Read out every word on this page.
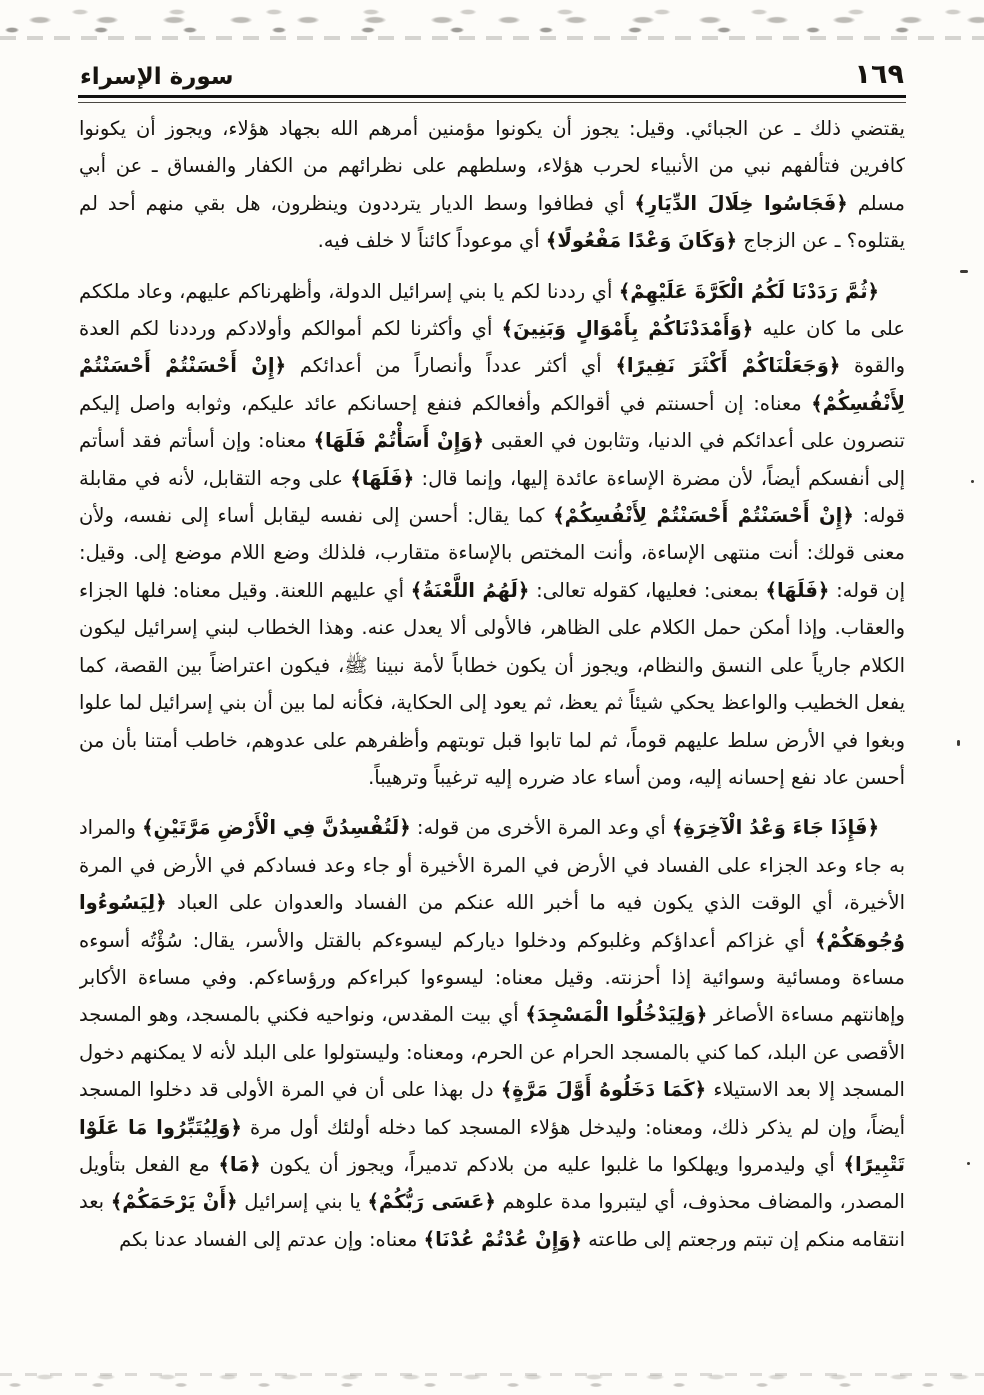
١٦٩
سورة الإسراء

يقتضي ذلك ـ عن الجبائي. وقيل: يجوز أن يكونوا مؤمنين أمرهم الله بجهاد هؤلاء، ويجوز أن يكونوا كافرين فتألفهم نبي من الأنبياء لحرب هؤلاء، وسلطهم على نظرائهم من الكفار والفساق ـ عن أبي مسلم ﴿فَجَاسُوا خِلَالَ الدِّيَارِ﴾ أي فطافوا وسط الديار يترددون وينظرون، هل بقي منهم أحد لم يقتلوه؟ ـ عن الزجاج ﴿وَكَانَ وَعْدًا مَفْعُولًا﴾ أي موعوداً كائناً لا خلف فيه.

﴿ثُمَّ رَدَدْنَا لَكُمُ الْكَرَّةَ عَلَيْهِمْ﴾ أي رددنا لكم يا بني إسرائيل الدولة، وأظهرناكم عليهم، وعاد ملككم على ما كان عليه ﴿وَأَمْدَدْنَاكُمْ بِأَمْوَالٍ وَبَنِينَ﴾ أي وأكثرنا لكم أموالكم وأولادكم ورددنا لكم العدة والقوة ﴿وَجَعَلْنَاكُمْ أَكْثَرَ نَفِيرًا﴾ أي أكثر عدداً وأنصاراً من أعدائكم ﴿إِنْ أَحْسَنْتُمْ أَحْسَنْتُمْ لِأَنْفُسِكُمْ﴾ معناه: إن أحسنتم في أقوالكم وأفعالكم فنفع إحسانكم عائد عليكم، وثوابه واصل إليكم تنصرون على أعدائكم في الدنيا، وتثابون في العقبى ﴿وَإِنْ أَسَأْتُمْ فَلَهَا﴾ معناه: وإن أسأتم فقد أسأتم إلى أنفسكم أيضاً، لأن مضرة الإساءة عائدة إليها، وإنما قال: ﴿فَلَهَا﴾ على وجه التقابل، لأنه في مقابلة قوله: ﴿إِنْ أَحْسَنْتُمْ أَحْسَنْتُمْ لِأَنْفُسِكُمْ﴾ كما يقال: أحسن إلى نفسه ليقابل أساء إلى نفسه، ولأن معنى قولك: أنت منتهى الإساءة، وأنت المختص بالإساءة متقارب، فلذلك وضع اللام موضع إلى. وقيل: إن قوله: ﴿فَلَهَا﴾ بمعنى: فعليها، كقوله تعالى: ﴿لَهُمُ اللَّعْنَةُ﴾ أي عليهم اللعنة. وقيل معناه: فلها الجزاء والعقاب. وإذا أمكن حمل الكلام على الظاهر، فالأولى ألا يعدل عنه. وهذا الخطاب لبني إسرائيل ليكون الكلام جارياً على النسق والنظام، ويجوز أن يكون خطاباً لأمة نبينا ﷺ، فيكون اعتراضاً بين القصة، كما يفعل الخطيب والواعظ يحكي شيئاً ثم يعظ، ثم يعود إلى الحكاية، فكأنه لما بين أن بني إسرائيل لما علوا وبغوا في الأرض سلط عليهم قوماً، ثم لما تابوا قبل توبتهم وأظفرهم على عدوهم، خاطب أمتنا بأن من أحسن عاد نفع إحسانه إليه، ومن أساء عاد ضرره إليه ترغيباً وترهيباً.

﴿فَإِذَا جَاءَ وَعْدُ الْآخِرَةِ﴾ أي وعد المرة الأخرى من قوله: ﴿لَتُفْسِدُنَّ فِي الْأَرْضِ مَرَّتَيْنِ﴾ والمراد به جاء وعد الجزاء على الفساد في الأرض في المرة الأخيرة أو جاء وعد فسادكم في الأرض في المرة الأخيرة، أي الوقت الذي يكون فيه ما أخبر الله عنكم من الفساد والعدوان على العباد ﴿لِيَسُوءُوا وُجُوهَكُمْ﴾ أي غزاكم أعداؤكم وغلبوكم ودخلوا دياركم ليسوءكم بالقتل والأسر، يقال: سُؤْتُه أسوءه مساءة ومسائية وسوائية إذا أحزنته. وقيل معناه: ليسوءوا كبراءكم ورؤساءكم. وفي مساءة الأكابر وإهانتهم مساءة الأصاغر ﴿وَلِيَدْخُلُوا الْمَسْجِدَ﴾ أي بيت المقدس، ونواحيه فكني بالمسجد، وهو المسجد الأقصى عن البلد، كما كني بالمسجد الحرام عن الحرم، ومعناه: وليستولوا على البلد لأنه لا يمكنهم دخول المسجد إلا بعد الاستيلاء ﴿كَمَا دَخَلُوهُ أَوَّلَ مَرَّةٍ﴾ دل بهذا على أن في المرة الأولى قد دخلوا المسجد أيضاً، وإن لم يذكر ذلك، ومعناه: وليدخل هؤلاء المسجد كما دخله أولئك أول مرة ﴿وَلِيُتَبِّرُوا مَا عَلَوْا تَتْبِيرًا﴾ أي وليدمروا ويهلكوا ما غلبوا عليه من بلادكم تدميراً، ويجوز أن يكون ﴿مَا﴾ مع الفعل بتأويل المصدر، والمضاف محذوف، أي ليتبروا مدة علوهم ﴿عَسَى رَبُّكُمْ﴾ يا بني إسرائيل ﴿أَنْ يَرْحَمَكُمْ﴾ بعد انتقامه منكم إن تبتم ورجعتم إلى طاعته ﴿وَإِنْ عُدْتُمْ عُدْنَا﴾ معناه: وإن عدتم إلى الفساد عدنا بكم
